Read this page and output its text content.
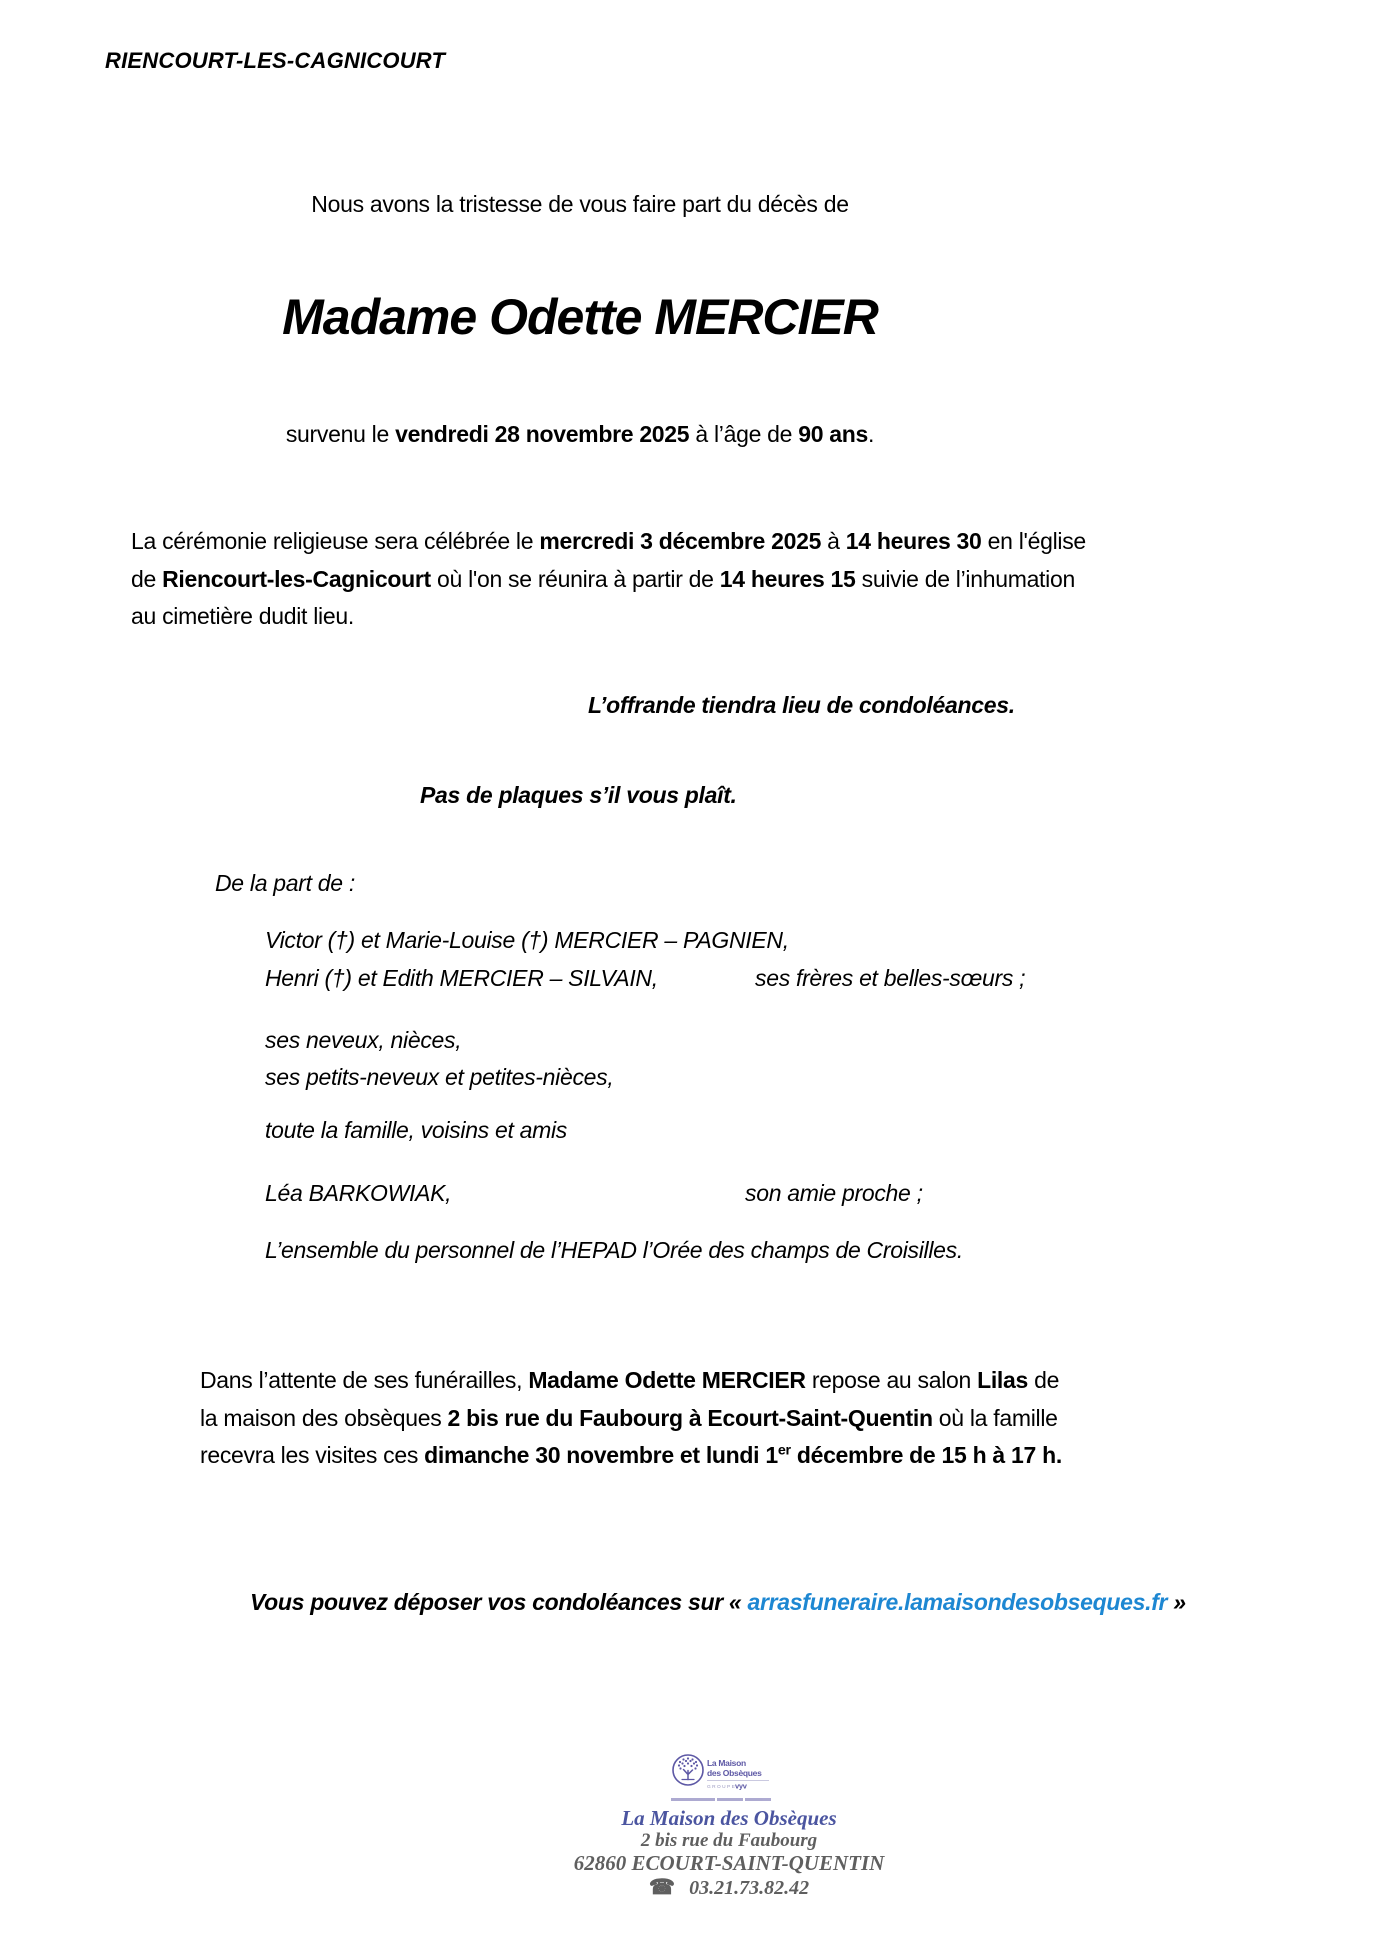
RIENCOURT-LES-CAGNICOURT
Nous avons la tristesse de vous faire part du décès de
Madame Odette MERCIER
survenu le vendredi 28 novembre 2025 à l’âge de 90 ans.
La cérémonie religieuse sera célébrée le mercredi 3 décembre 2025 à 14 heures 30 en l'église
de Riencourt-les-Cagnicourt où l'on se réunira à partir de 14 heures 15 suivie de l’inhumation
au cimetière dudit lieu.
L’offrande tiendra lieu de condoléances.
Pas de plaques s’il vous plaît.
De la part de :
Victor (†) et Marie-Louise (†) MERCIER – PAGNIEN,
Henri (†) et Edith MERCIER – SILVAIN,	ses frères et belles-sœurs ;
ses neveux, nièces,
ses petits-neveux et petites-nièces,
toute la famille, voisins et amis
Léa BARKOWIAK,	son amie proche ;
L’ensemble du personnel de l’HEPAD l’Orée des champs de Croisilles.
Dans l’attente de ses funérailles, Madame Odette MERCIER repose au salon Lilas de
la maison des obsèques 2 bis rue du Faubourg à Ecourt-Saint-Quentin où la famille
recevra les visites ces dimanche 30 novembre et lundi 1er décembre de 15 h à 17 h.
Vous pouvez déposer vos condoléances sur « arrasfuneraire.lamaisondesobseques.fr »
La Maison
des Obsèques
GROUPE
vyv
La Maison des Obsèques
2 bis rue du Faubourg
62860 ECOURT-SAINT-QUENTIN
☎ 03.21.73.82.42
